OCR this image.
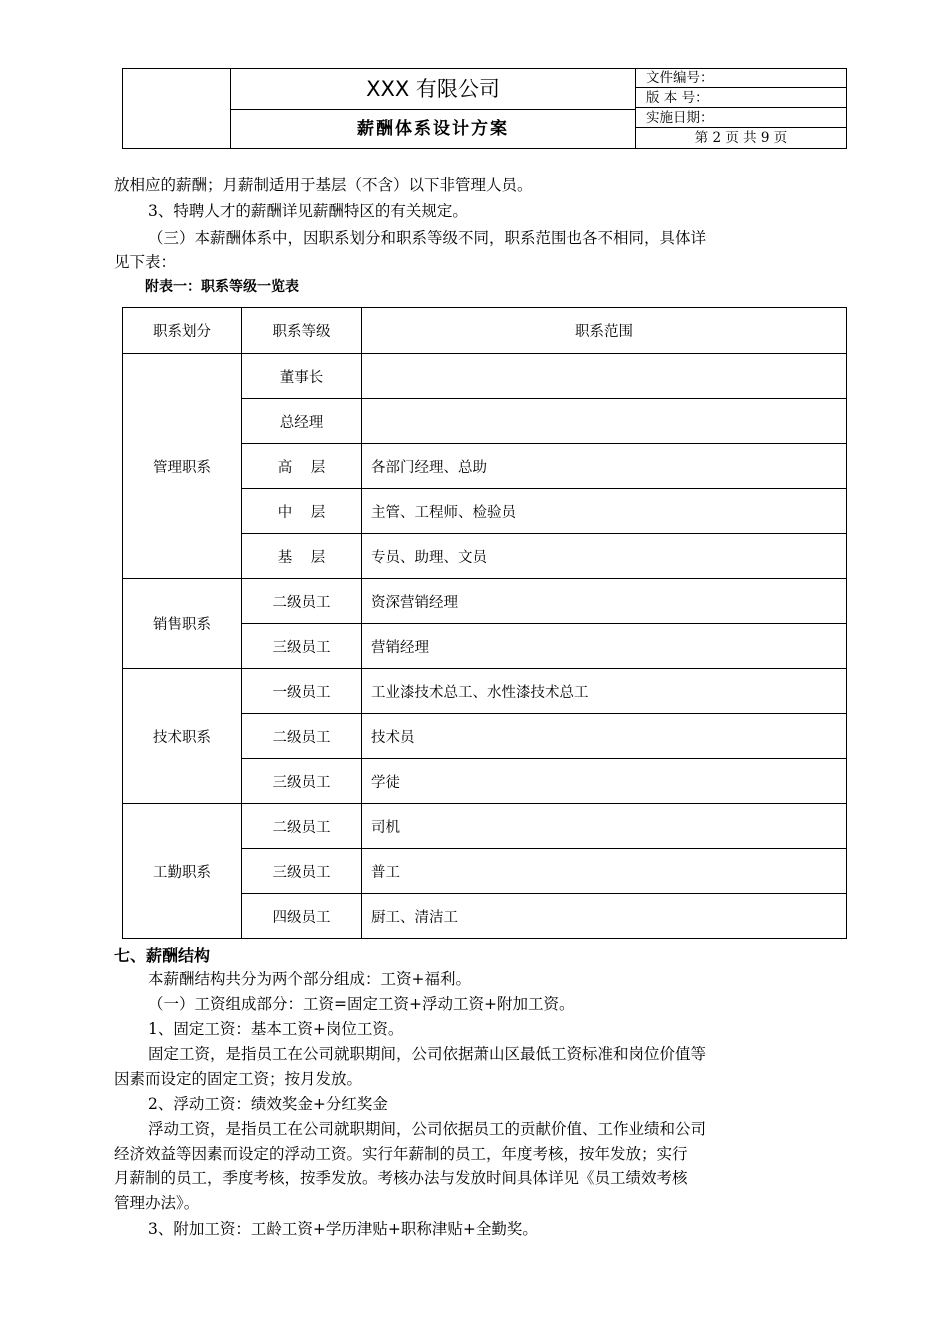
XXX 有限公司
薪酬体系设计方案
文件编号：
版 本 号：
实施日期：
第 2 页 共 9 页
放相应的薪酬；月薪制适用于基层（不含）以下非管理人员。
3、特聘人才的薪酬详见薪酬特区的有关规定。
（三）本薪酬体系中，因职系划分和职系等级不同，职系范围也各不相同，具体详
见下表：
附表一：职系等级一览表
职系划分	职系等级	职系范围
管理职系	董事长	
	总经理	
	高    层	各部门经理、总助
	中    层	主管、工程师、检验员
	基    层	专员、助理、文员
销售职系	二级员工	资深营销经理
	三级员工	营销经理
技术职系	一级员工	工业漆技术总工、水性漆技术总工
	二级员工	技术员
	三级员工	学徒
工勤职系	二级员工	司机
	三级员工	普工
	四级员工	厨工、清洁工
七、薪酬结构
本薪酬结构共分为两个部分组成：工资+福利。
（一）工资组成部分：工资=固定工资+浮动工资+附加工资。
1、固定工资：基本工资+岗位工资。
固定工资，是指员工在公司就职期间，公司依据萧山区最低工资标准和岗位价值等
因素而设定的固定工资；按月发放。
2、浮动工资：绩效奖金+分红奖金
浮动工资，是指员工在公司就职期间，公司依据员工的贡献价值、工作业绩和公司
经济效益等因素而设定的浮动工资。实行年薪制的员工，年度考核，按年发放；实行
月薪制的员工，季度考核，按季发放。考核办法与发放时间具体详见《员工绩效考核
管理办法》。
3、附加工资：工龄工资+学历津贴+职称津贴+全勤奖。
